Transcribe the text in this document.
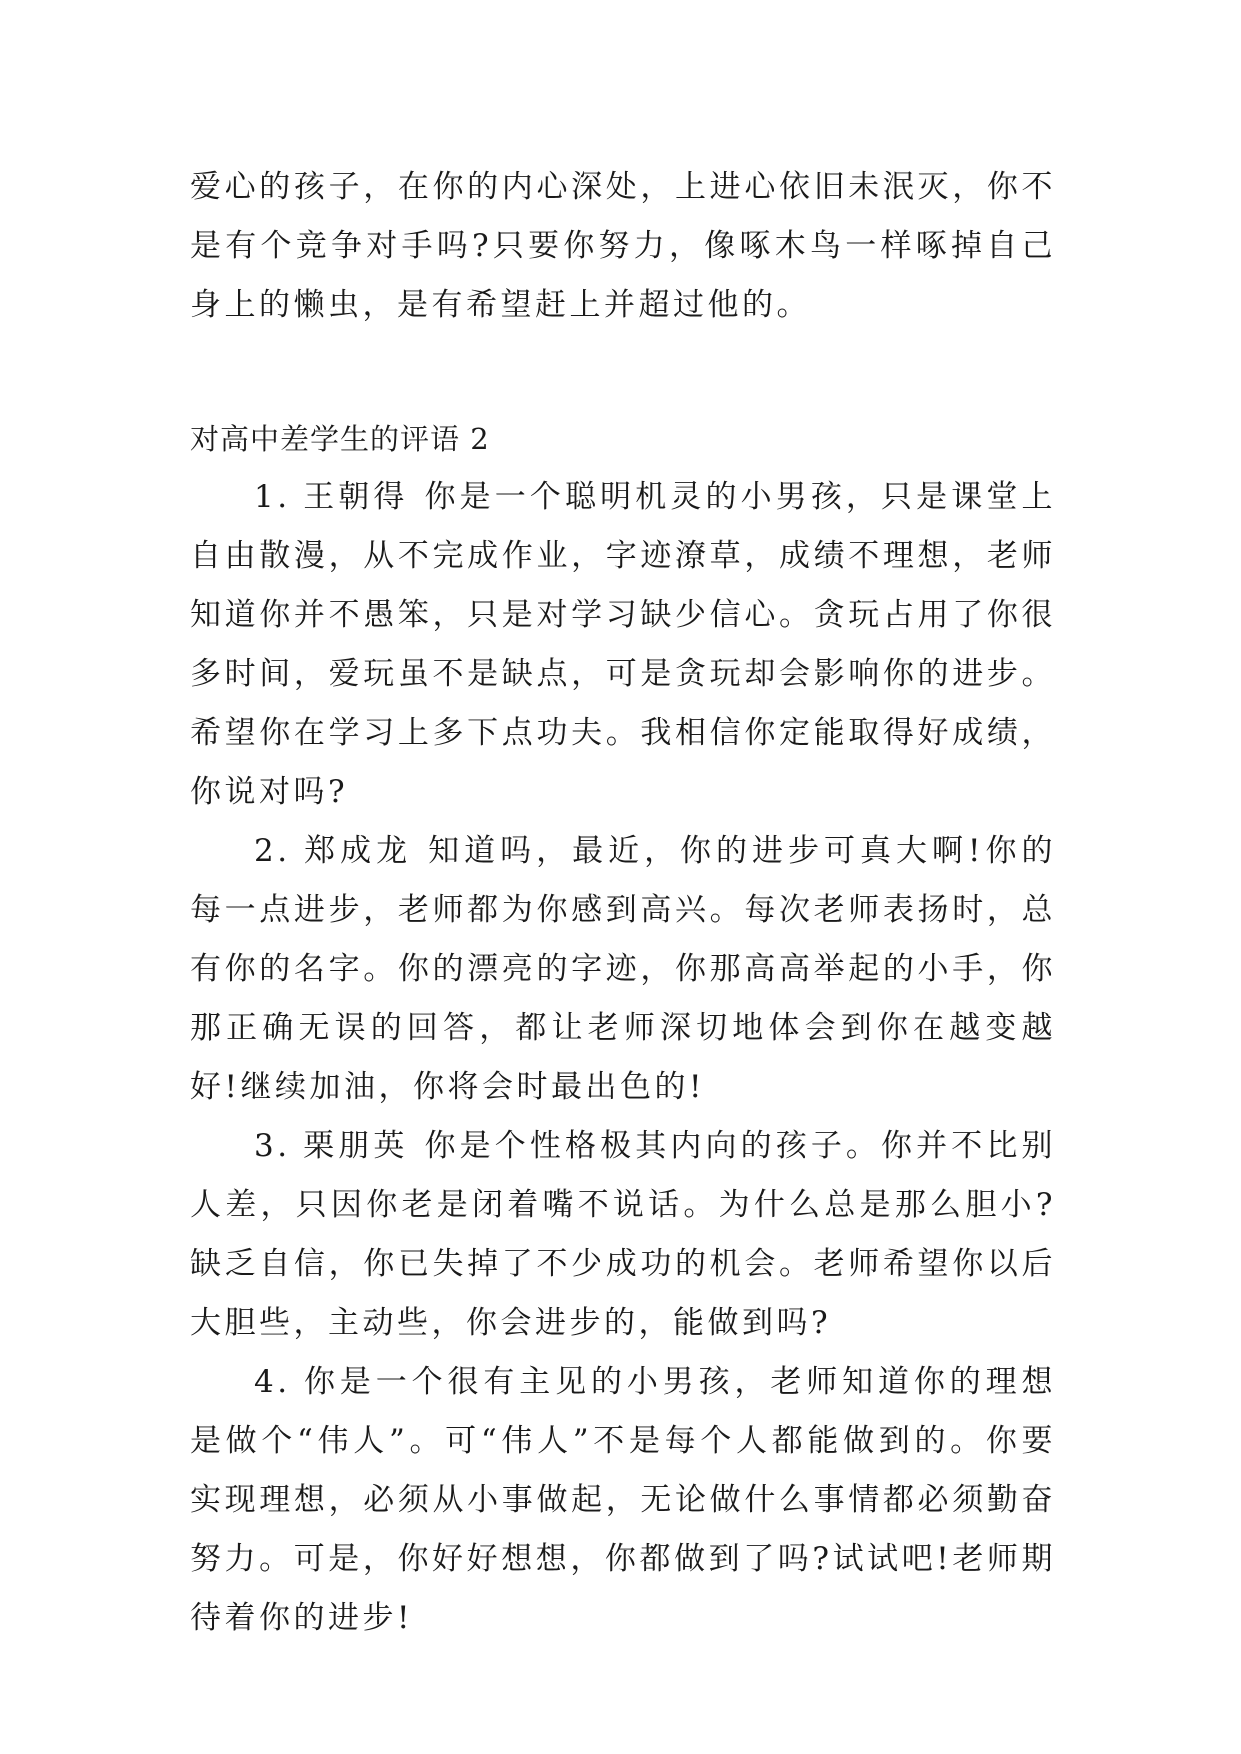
爱心的孩子，在你的内心深处，上进心依旧未泯灭，你不是有个竞争对手吗?只要你努力，像啄木鸟一样啄掉自己身上的懒虫，是有希望赶上并超过他的。

对高中差学生的评语 2

1. 王朝得 你是一个聪明机灵的小男孩，只是课堂上自由散漫，从不完成作业，字迹潦草，成绩不理想，老师知道你并不愚笨，只是对学习缺少信心。贪玩占用了你很多时间，爱玩虽不是缺点，可是贪玩却会影响你的进步。希望你在学习上多下点功夫。我相信你定能取得好成绩，你说对吗?

2. 郑成龙 知道吗，最近，你的进步可真大啊!你的每一点进步，老师都为你感到高兴。每次老师表扬时，总有你的名字。你的漂亮的字迹，你那高高举起的小手，你那正确无误的回答，都让老师深切地体会到你在越变越好!继续加油，你将会时最出色的!

3. 栗朋英 你是个性格极其内向的孩子。你并不比别人差，只因你老是闭着嘴不说话。为什么总是那么胆小?缺乏自信，你已失掉了不少成功的机会。老师希望你以后大胆些，主动些，你会进步的，能做到吗?

4. 你是一个很有主见的小男孩，老师知道你的理想是做个“伟人”。可“伟人”不是每个人都能做到的。你要实现理想，必须从小事做起，无论做什么事情都必须勤奋努力。可是，你好好想想，你都做到了吗?试试吧!老师期待着你的进步!
